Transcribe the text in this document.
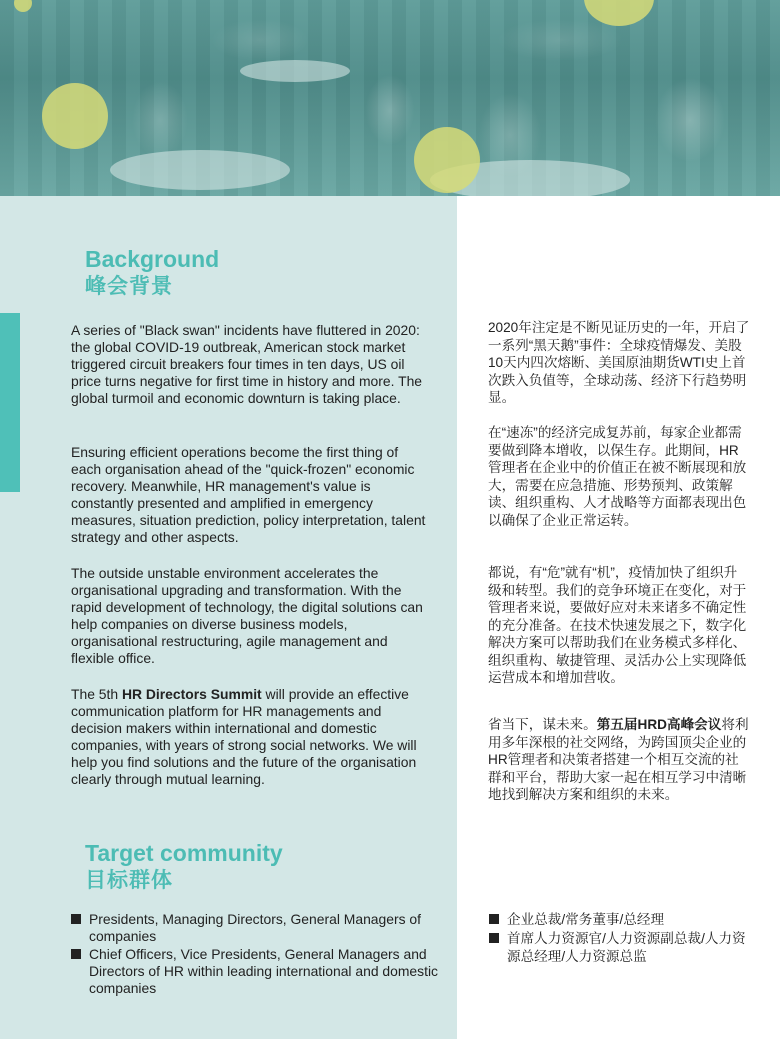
Background
峰会背景

A series of "Black swan" incidents have fluttered in 2020: the global COVID-19 outbreak, American stock market triggered circuit breakers four times in ten days, US oil price turns negative for first time in history and more. The global turmoil and economic downturn is taking place.

Ensuring efficient operations become the first thing of each organisation ahead of the "quick-frozen" economic recovery. Meanwhile, HR management's value is constantly presented and amplified in emergency measures, situation prediction, policy interpretation, talent strategy and other aspects.

The outside unstable environment accelerates the organisational upgrading and transformation. With the rapid development of technology, the digital solutions can help companies on diverse business models, organisational restructuring, agile management and flexible office.

The 5th HR Directors Summit will provide an effective communication platform for HR managements and decision makers within international and domestic companies, with years of strong social networks. We will help you find solutions and the future of the organisation clearly through mutual learning.

2020年注定是不断见证历史的一年，开启了一系列“黑天鹅”事件：全球疫情爆发、美股10天内四次熔断、美国原油期货WTI史上首次跌入负值等，全球动荡、经济下行趋势明显。

在“速冻”的经济完成复苏前，每家企业都需要做到降本增收，以保生存。此期间，HR管理者在企业中的价值正在被不断展现和放大，需要在应急措施、形势预判、政策解读、组织重构、人才战略等方面都表现出色以确保了企业正常运转。

都说，有“危”就有“机”，疫情加快了组织升级和转型。我们的竞争环境正在变化，对于管理者来说，要做好应对未来诸多不确定性的充分准备。在技术快速发展之下，数字化解决方案可以帮助我们在业务模式多样化、组织重构、敏捷管理、灵活办公上实现降低运营成本和增加营收。

省当下，谋未来。第五届HRD高峰会议将利用多年深根的社交网络，为跨国顶尖企业的HR管理者和决策者搭建一个相互交流的社群和平台，帮助大家一起在相互学习中清晰地找到解决方案和组织的未来。

Target community
目标群体
Presidents, Managing Directors, General Managers of companies
Chief Officers, Vice Presidents, General Managers and Directors of HR within leading international and domestic companies
企业总裁/常务董事/总经理
首席人力资源官/人力资源副总裁/人力资源总经理/人力资源总监
